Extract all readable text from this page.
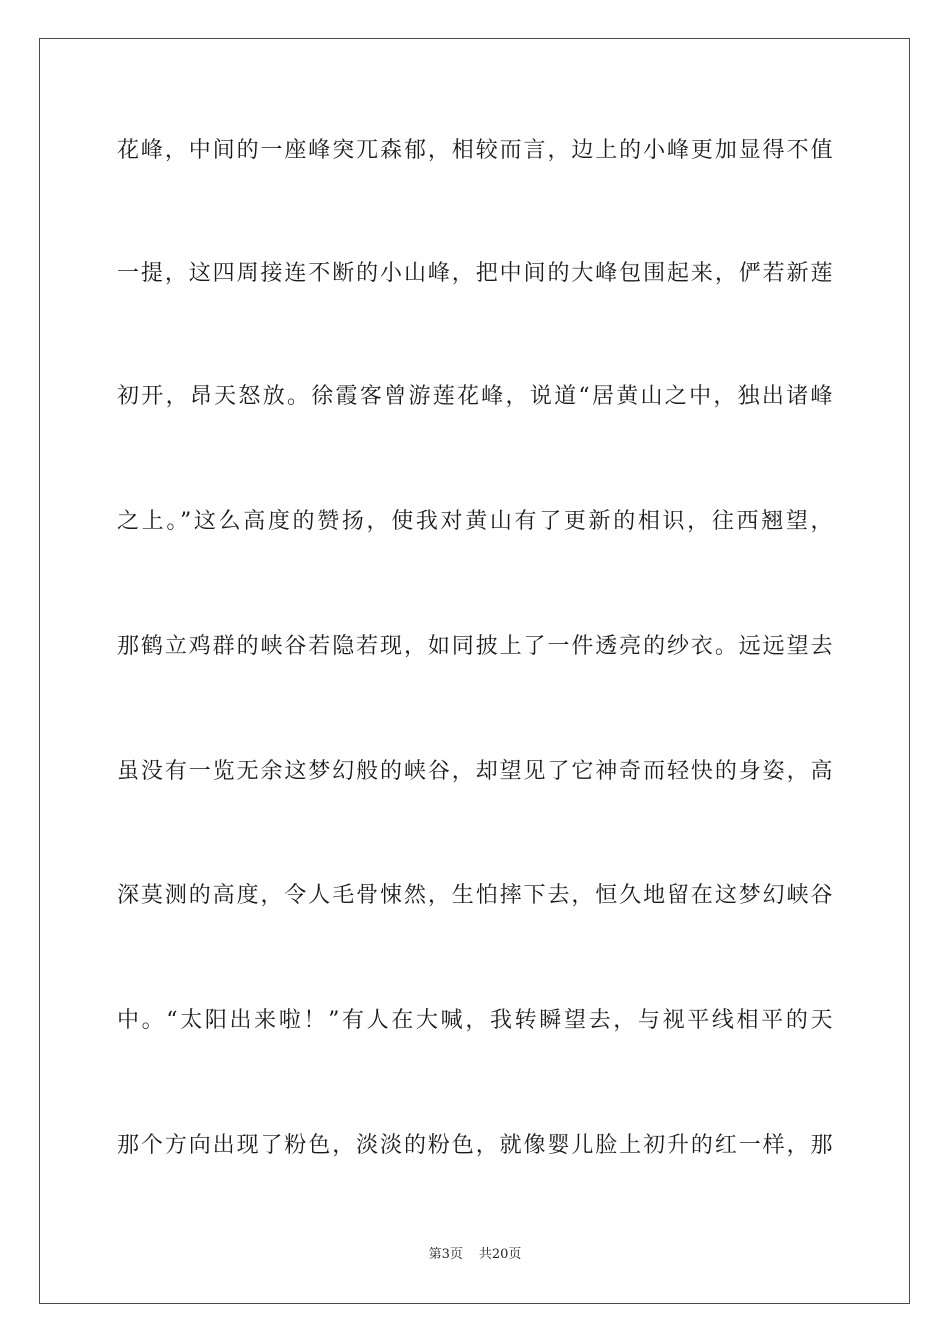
花峰，中间的一座峰突兀森郁，相较而言，边上的小峰更加显得不值
一提，这四周接连不断的小山峰，把中间的大峰包围起来，俨若新莲
初开，昂天怒放。徐霞客曾游莲花峰，说道“居黄山之中，独出诸峰
之上。”这么高度的赞扬，使我对黄山有了更新的相识，往西翘望，
那鹤立鸡群的峡谷若隐若现，如同披上了一件透亮的纱衣。远远望去
虽没有一览无余这梦幻般的峡谷，却望见了它神奇而轻快的身姿，高
深莫测的高度，令人毛骨悚然，生怕摔下去，恒久地留在这梦幻峡谷
中。“太阳出来啦！”有人在大喊，我转瞬望去，与视平线相平的天
那个方向出现了粉色，淡淡的粉色，就像婴儿脸上初升的红一样，那
第3页 共20页
